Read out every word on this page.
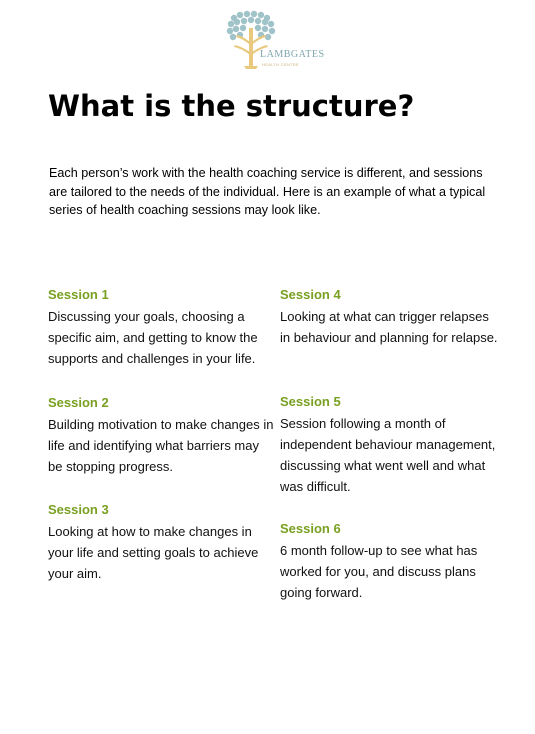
LAMBGATES
HEALTH CENTRE
What is the structure?

Each person’s work with the health coaching service is different, and sessions are tailored to the needs of the individual. Here is an example of what a typical series of health coaching sessions may look like.

Session 1
Discussing your goals, choosing a specific aim, and getting to know the supports and challenges in your life.
Session 2
Building motivation to make changes in life and identifying what barriers may be stopping progress.
Session 3
Looking at how to make changes in your life and setting goals to achieve your aim.
Session 4
Looking at what can trigger relapses in behaviour and planning for relapse.
Session 5
Session following a month of independent behaviour management, discussing what went well and what was difficult.
Session 6
6 month follow-up to see what has worked for you, and discuss plans going forward.
